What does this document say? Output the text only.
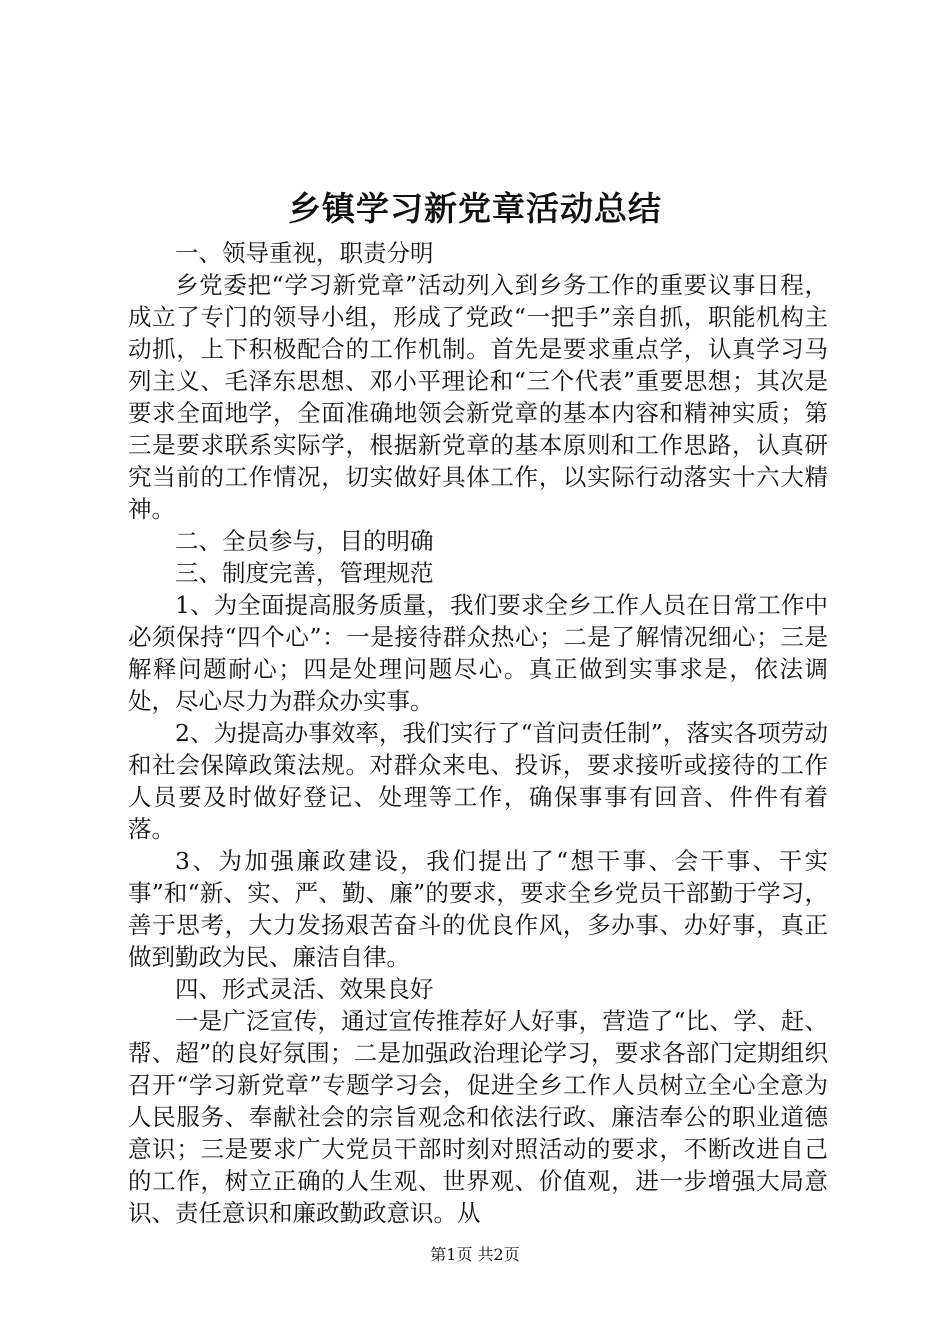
乡镇学习新党章活动总结

一、领导重视，职责分明

乡党委把“学习新党章”活动列入到乡务工作的重要议事日程，成立了专门的领导小组，形成了党政“一把手”亲自抓，职能机构主动抓，上下积极配合的工作机制。首先是要求重点学，认真学习马列主义、毛泽东思想、邓小平理论和“三个代表”重要思想；其次是要求全面地学，全面准确地领会新党章的基本内容和精神实质；第三是要求联系实际学，根据新党章的基本原则和工作思路，认真研究当前的工作情况，切实做好具体工作，以实际行动落实十六大精神。

二、全员参与，目的明确

三、制度完善，管理规范

1、为全面提高服务质量，我们要求全乡工作人员在日常工作中必须保持“四个心”：一是接待群众热心；二是了解情况细心；三是解释问题耐心；四是处理问题尽心。真正做到实事求是，依法调处，尽心尽力为群众办实事。

2、为提高办事效率，我们实行了“首问责任制”，落实各项劳动和社会保障政策法规。对群众来电、投诉，要求接听或接待的工作人员要及时做好登记、处理等工作，确保事事有回音、件件有着落。

3、为加强廉政建设，我们提出了“想干事、会干事、干实事”和“新、实、严、勤、廉”的要求，要求全乡党员干部勤于学习，善于思考，大力发扬艰苦奋斗的优良作风，多办事、办好事，真正做到勤政为民、廉洁自律。

四、形式灵活、效果良好

一是广泛宣传，通过宣传推荐好人好事，营造了“比、学、赶、帮、超”的良好氛围；二是加强政治理论学习，要求各部门定期组织召开“学习新党章”专题学习会，促进全乡工作人员树立全心全意为人民服务、奉献社会的宗旨观念和依法行政、廉洁奉公的职业道德意识；三是要求广大党员干部时刻对照活动的要求，不断改进自己的工作，树立正确的人生观、世界观、价值观，进一步增强大局意识、责任意识和廉政勤政意识。从

第1页 共2页
